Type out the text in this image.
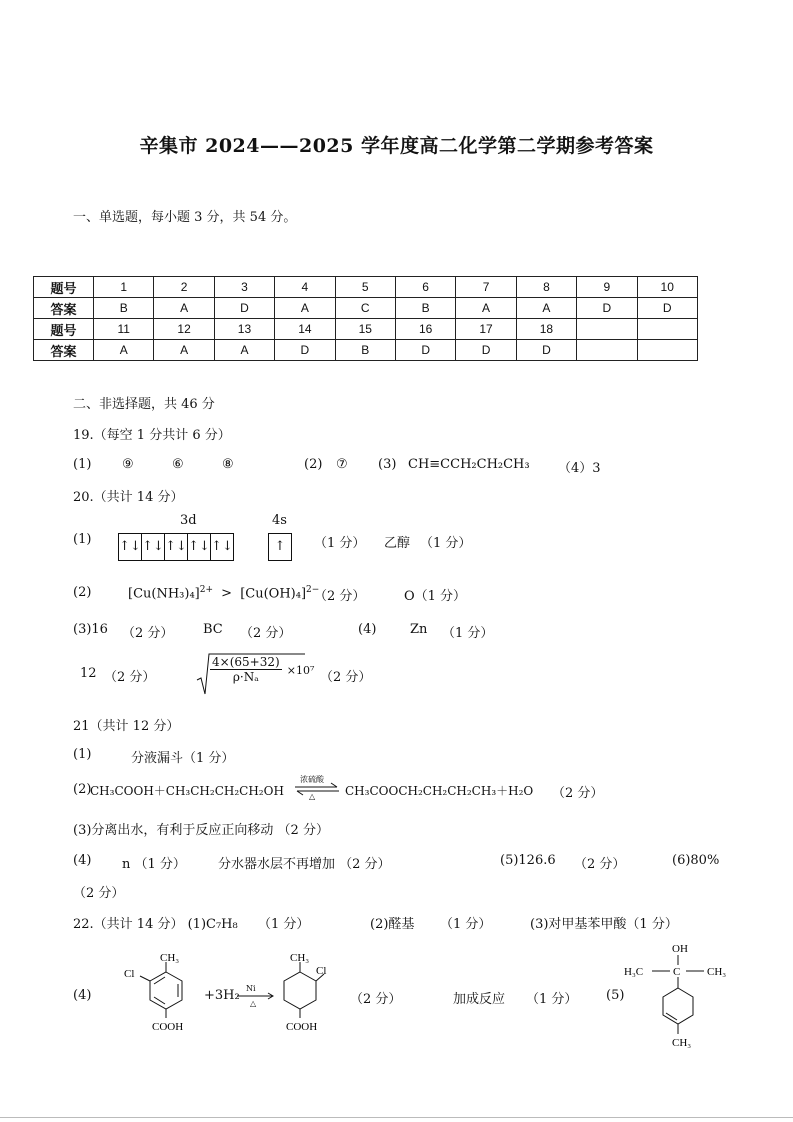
辛集市 2024——2025 学年度高二化学第二学期参考答案
一、单选题，每小题 3 分，共 54 分。
题号	1	2	3	4	5	6	7	8	9	10
答案	B	A	D	A	C	B	A	A	D	D
题号	11	12	13	14	15	16	17	18		
答案	A	A	A	D	B	D	D	D		
二、非选择题，共 46 分
19.（每空 1 分共计 6 分）
(1) ⑨	⑥	⑧	(2) ⑦ (3) CH≡CCH₂CH₂CH₃ （4）3
20.（共计 14 分）
3d	4s
(1) ↑↓↑↓↑↓↑↓↑↓	↑	（1 分） 乙醇 （1 分）
(2)	$[Cu(NH_3)_4]^{2+} > [Cu(OH)_4]^{2-}$
（2 分）	O（1 分）
(3)16 （2 分） BC （2 分）	(4)	Zn （1 分）
12 （2 分）	$\frac{4\times(65+32)}{\text{ρ·Nₐ}} \times 10^7$ （2 分）
21（共计 12 分）
(1)	分液漏斗（1 分）
(2)
CH₃COOH＋CH₃CH₂CH₂CH₂OH
浓硫酸
△ ⇌ CH₃COOCH₂CH₂CH₂CH₃＋H₂O （2 分）
(3)分离出水，有利于反应正向移动 （2 分）
(4) n （1 分） 分水器水层不再增加 （2 分）	(5)126.6 （2 分）	(6)80%
（2 分）
22.（共计 14 分） (1)C₇H₈ （1 分）	(2)醛基 （1 分）	(3)对甲基苯甲酸（1 分）
(4)
CH₃
Cl
COOH
+3H₂ Ni
△
CH₃
Cl
COOH
（2 分）	加成反应 （1 分） (5)
OH
H₃C	C CH₃
CH₃
